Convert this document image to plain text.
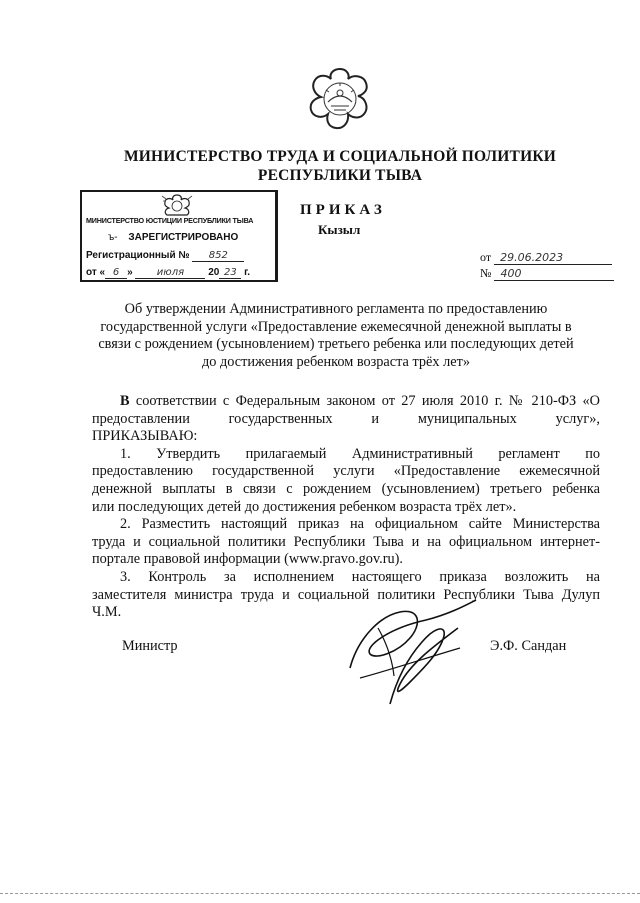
МИНИСТЕРСТВО ТРУДА И СОЦИАЛЬНОЙ ПОЛИТИКИ
РЕСПУБЛИКИ ТЫВА
МИНИСТЕРСТВО ЮСТИЦИИ РЕСПУБЛИКИ ТЫВА
ъ- ЗАРЕГИСТРИРОВАНО
Регистрационный № 852
от « 6 » июля 20 23 г.
ПРИКАЗ
Кызыл
от 29.06.2023
№ 400
Об утверждении Административного регламента по предоставлению
государственной услуги «Предоставление ежемесячной денежной выплаты в
связи с рождением (усыновлением) третьего ребенка или последующих детей
до достижения ребенком возраста трёх лет»
В соответствии с Федеральным законом от 27 июля 2010 г. № 210-ФЗ «О
предоставлении государственных и муниципальных услуг»,
ПРИКАЗЫВАЮ:
1. Утвердить прилагаемый Административный регламент по
предоставлению государственной услуги «Предоставление ежемесячной
денежной выплаты в связи с рождением (усыновлением) третьего ребенка
или последующих детей до достижения ребенком возраста трёх лет».
2. Разместить настоящий приказ на официальном сайте Министерства
труда и социальной политики Республики Тыва и на официальном интернет-
портале правовой информации (www.pravo.gov.ru).
3. Контроль за исполнением настоящего приказа возложить на
заместителя министра труда и социальной политики Республики Тыва Дулуп
Ч.М.
Министр	Э.Ф. Сандан
